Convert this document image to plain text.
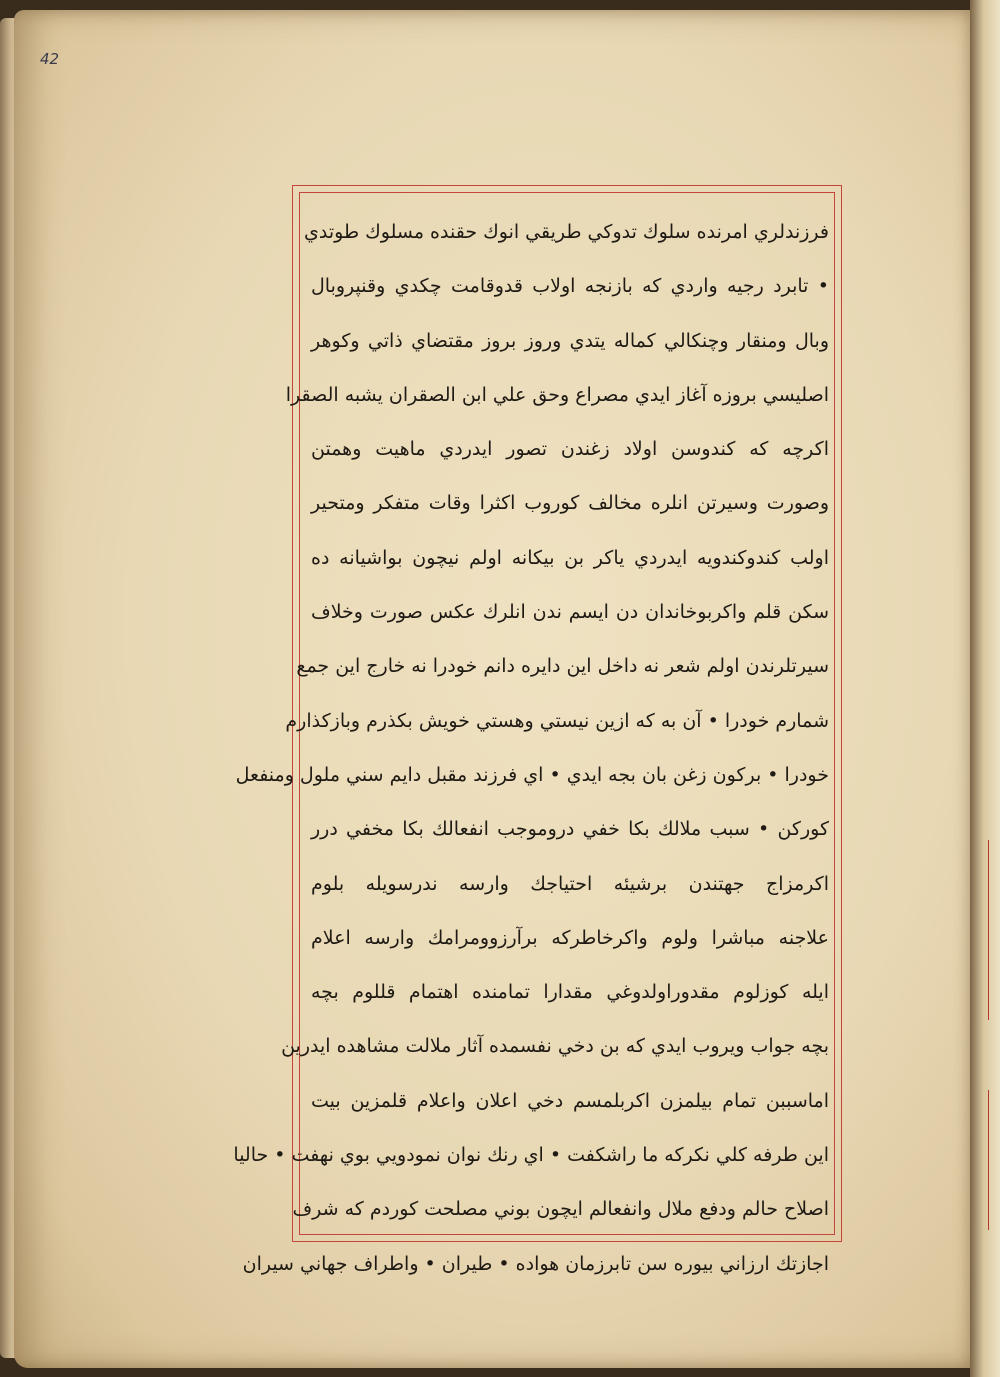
42
فرزندلري امرنده سلوك تدوكي طريقي انوك حقنده مسلوك طوتدي
• تابرد رجيه واردي كه بازنجه اولاب قدوقامت چكدي وقنپروبال
وبال ومنقار وچنكالي كماله يتدي وروز بروز مقتضاي ذاتي وكوهر
اصليسي بروزه آغاز ايدي مصراع وحق علي ابن الصقران يشبه الصقرا
اكرچه كه كندوسن اولاد زغندن تصور ايدردي ماهيت وهمتن
وصورت وسيرتن انلره مخالف كوروب اكثرا وقات متفكر ومتحير
اولب كندوكندويه ايدردي ياكر بن بيكانه اولم نيچون بواشيانه ده
سكن قلم واكربوخاندان دن ايسم ندن انلرك عكس صورت وخلاف
سيرتلرندن اولم شعر نه داخل اين دايره دانم خودرا نه خارج اين جمع
شمارم خودرا • آن به كه ازين نيستي وهستي خويش بكذرم وبازكذارم
خودرا • بركون زغن بان بجه ايدي • اي فرزند مقبل دايم سني ملول ومنفعل
كوركن • سبب ملالك بكا خفي دروموجب انفعالك بكا مخفي درر
اكرمزاج جهتندن برشيئه احتياجك وارسه ندرسويله بلوم
علاجنه مباشرا ولوم واكرخاطركه برآرزوومرامك وارسه اعلام
ايله كوزلوم مقدوراولدوغي مقدارا تمامنده اهتمام قللوم بچه
بچه جواب ويروب ايدي كه بن دخي نفسمده آثار ملالت مشاهده ايدرين
اماسببن تمام بيلمزن اكربلمسم دخي اعلان واعلام قلمزين بيت
اين طرفه كلي نكركه ما راشكفت • اي رنك نوان نمودويي بوي نهفت • حاليا
اصلاح حالم ودفع ملال وانفعالم ايچون بوني مصلحت كوردم كه شرف
اجازتك ارزاني بيوره سن تابرزمان هواده • طيران • واطراف جهاني سيران
